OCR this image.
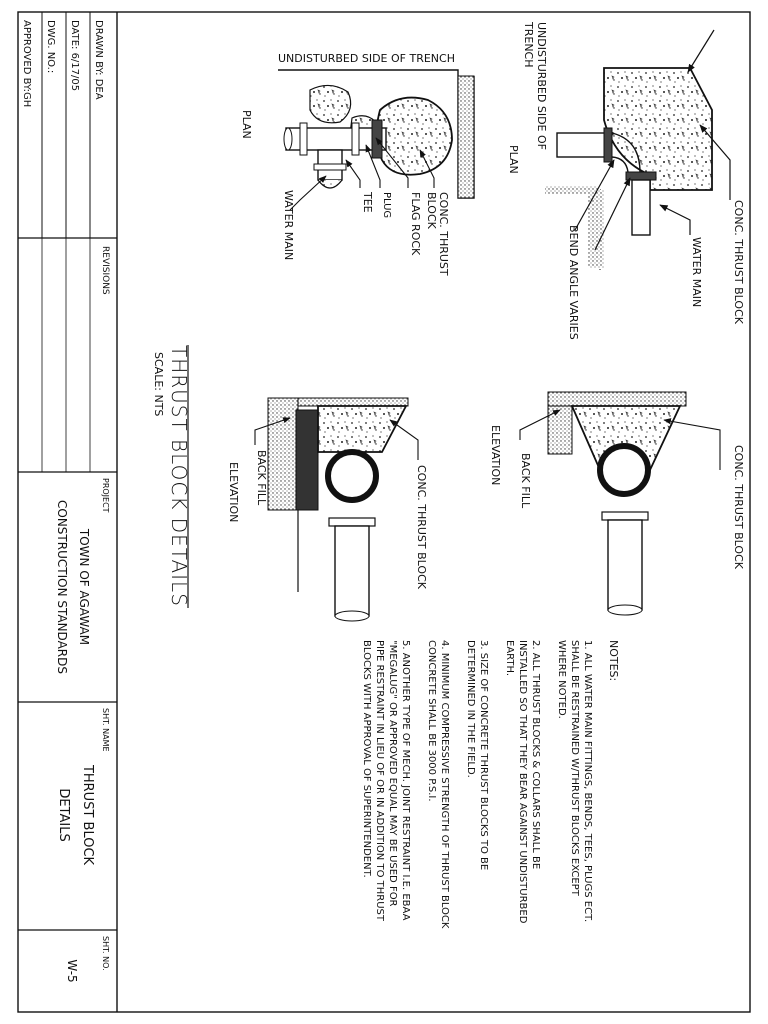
DRAWN BY: DEA
DATE: 6/17/05
DWG. NO.:
APPROVED BY:GH
REVISIONS
PROJECT
TOWN OF AGAWAM
CONSTRUCTION STANDARDS
SHT. NAME
THRUST BLOCK
DETAILS
SHT. NO.
W-5
THRUST BLOCK DETAILS
SCALE: NTS
UNDISTURBED SIDE OF
TRENCH
PLAN
CONC. THRUST BLOCK
WATER MAIN
BEND ANGLE VARIES
UNDISTURBED SIDE OF TRENCH
PLAN
CONC. THRUST
BLOCK
FLAG ROCK
PLUG
TEE
WATER MAIN
CONC. THRUST BLOCK
BACK FILL
ELEVATION
CONC. THRUST BLOCK
BACK FILL
ELEVATION
NOTES:
1. ALL WATER MAIN FITTINGS, BENDS, TEES, PLUGS ECT.
SHALL BE RESTRAINED W/THRUST BLOCKS EXCEPT
WHERE NOTED.
2. ALL THRUST BLOCKS & COLLARS SHALL BE
INSTALLED SO THAT THEY BEAR AGAINST UNDISTURBED
EARTH.
3. SIZE OF CONCRETE THRUST BLOCKS TO BE
DETERMINED IN THE FIELD.
4. MINIMUM COMPRESSIVE STRENGTH OF THRUST BLOCK
CONCRETE SHALL BE 3000 P.S.I.
5. ANOTHER TYPE OF MECH. JOINT RESTRAINT I.E. EBAA
"MEGALUG" OR APPROVED EQUAL MAY BE USED FOR
PIPE RESTRAINT IN LIEU OF OR IN ADDITION TO THRUST
BLOCKS WITH APPROVAL OF SUPERINTENDENT.
